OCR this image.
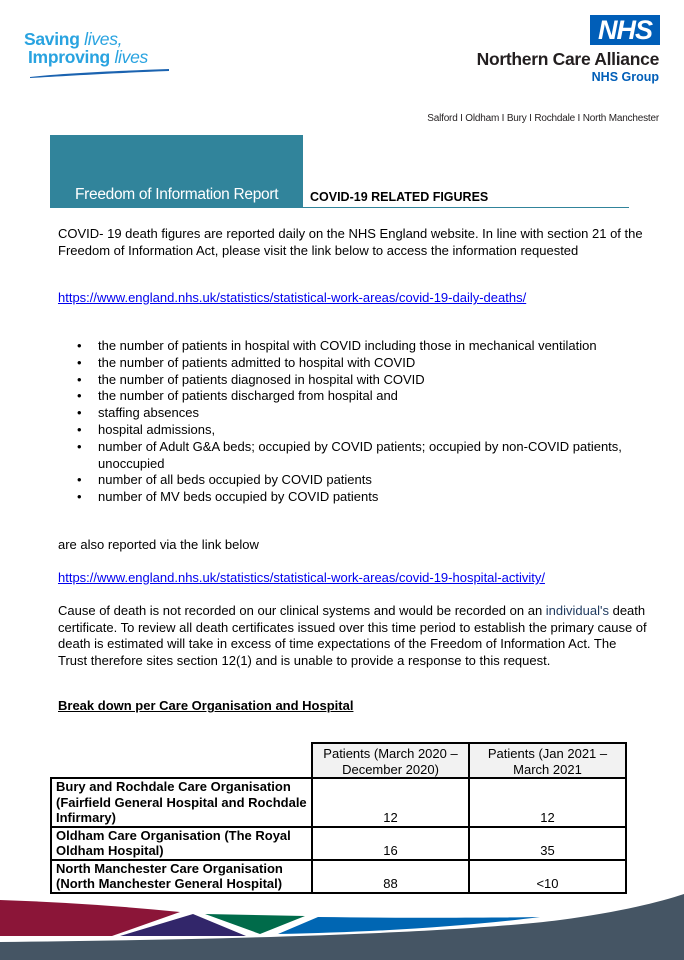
Saving lives,
Improving lives
NHS
Northern Care Alliance
NHS Group
Salford I Oldham I Bury I Rochdale I North Manchester
Freedom of Information Report	COVID-19 RELATED FIGURES
COVID- 19 death figures are reported daily on the NHS England website. In line with section 21 of the Freedom of Information Act, please visit the link below to access the information requested
https://www.england.nhs.uk/statistics/statistical-work-areas/covid-19-daily-deaths/
• the number of patients in hospital with COVID including those in mechanical ventilation
• the number of patients admitted to hospital with COVID
• the number of patients diagnosed in hospital with COVID
• the number of patients discharged from hospital and
• staffing absences
• hospital admissions,
• number of Adult G&A beds; occupied by COVID patients; occupied by non-COVID patients, unoccupied
• number of all beds occupied by COVID patients
• number of MV beds occupied by COVID patients
are also reported via the link below
https://www.england.nhs.uk/statistics/statistical-work-areas/covid-19-hospital-activity/
Cause of death is not recorded on our clinical systems and would be recorded on an individual's death certificate. To review all death certificates issued over this time period to establish the primary cause of death is estimated will take in excess of time expectations of the Freedom of Information Act. The Trust therefore sites section 12(1) and is unable to provide a response to this request.
Break down per Care Organisation and Hospital
	Patients (March 2020 – December 2020)	Patients (Jan 2021 – March 2021
Bury and Rochdale Care Organisation (Fairfield General Hospital and Rochdale Infirmary)	12	12
Oldham Care Organisation (The Royal Oldham Hospital)	16	35
North Manchester Care Organisation (North Manchester General Hospital)	88	<10
